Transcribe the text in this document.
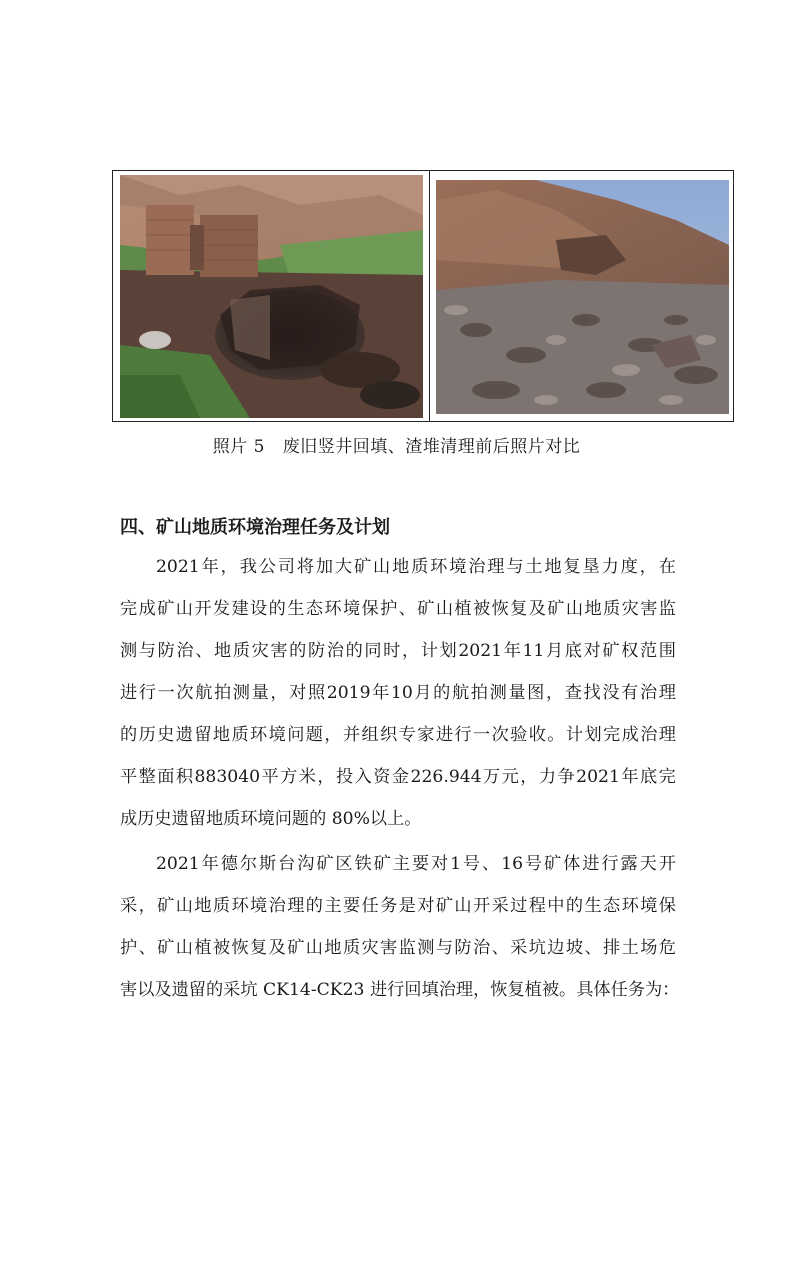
照片 5   废旧竖井回填、渣堆清理前后照片对比
四、矿山地质环境治理任务及计划
2021 年 ， 我 公 司 将 加 大 矿 山 地 质 环 境 治 理 与 土 地 复 垦 力 度 ， 在
完 成 矿 山 开 发 建 设 的 生 态 环 境 保 护 、 矿 山 植 被 恢 复 及 矿 山 地 质 灾 害 监
测 与 防 治 、 地 质 灾 害 的 防 治 的 同 时 ， 计 划 2021 年 11 月 底 对 矿 权 范 围
进 行 一 次 航 拍 测 量 ， 对 照 2019 年 10 月 的 航 拍 测 量 图 ， 查 找 没 有 治 理
的 历 史 遗 留 地 质 环 境 问 题 ， 并 组 织 专 家 进 行 一 次 验 收 。 计 划 完 成 治 理
平 整 面 积 883040 平 方 米 ， 投 入 资 金 226.944 万 元 ， 力 争 2021 年 底 完
成历史遗留地质环境问题的 80%以上。
2021 年 德 尔 斯 台 沟 矿 区 铁 矿 主 要 对 1 号 、 16 号 矿 体 进 行 露 天 开
采 ， 矿 山 地 质 环 境 治 理 的 主 要 任 务 是 对 矿 山 开 采 过 程 中 的 生 态 环 境 保
护 、 矿 山 植 被 恢 复 及 矿 山 地 质 灾 害 监 测 与 防 治 、 采 坑 边 坡 、 排 土 场 危
害以及遗留的采坑 CK14-CK23 进行回填治理，恢复植被。具体任务为：
